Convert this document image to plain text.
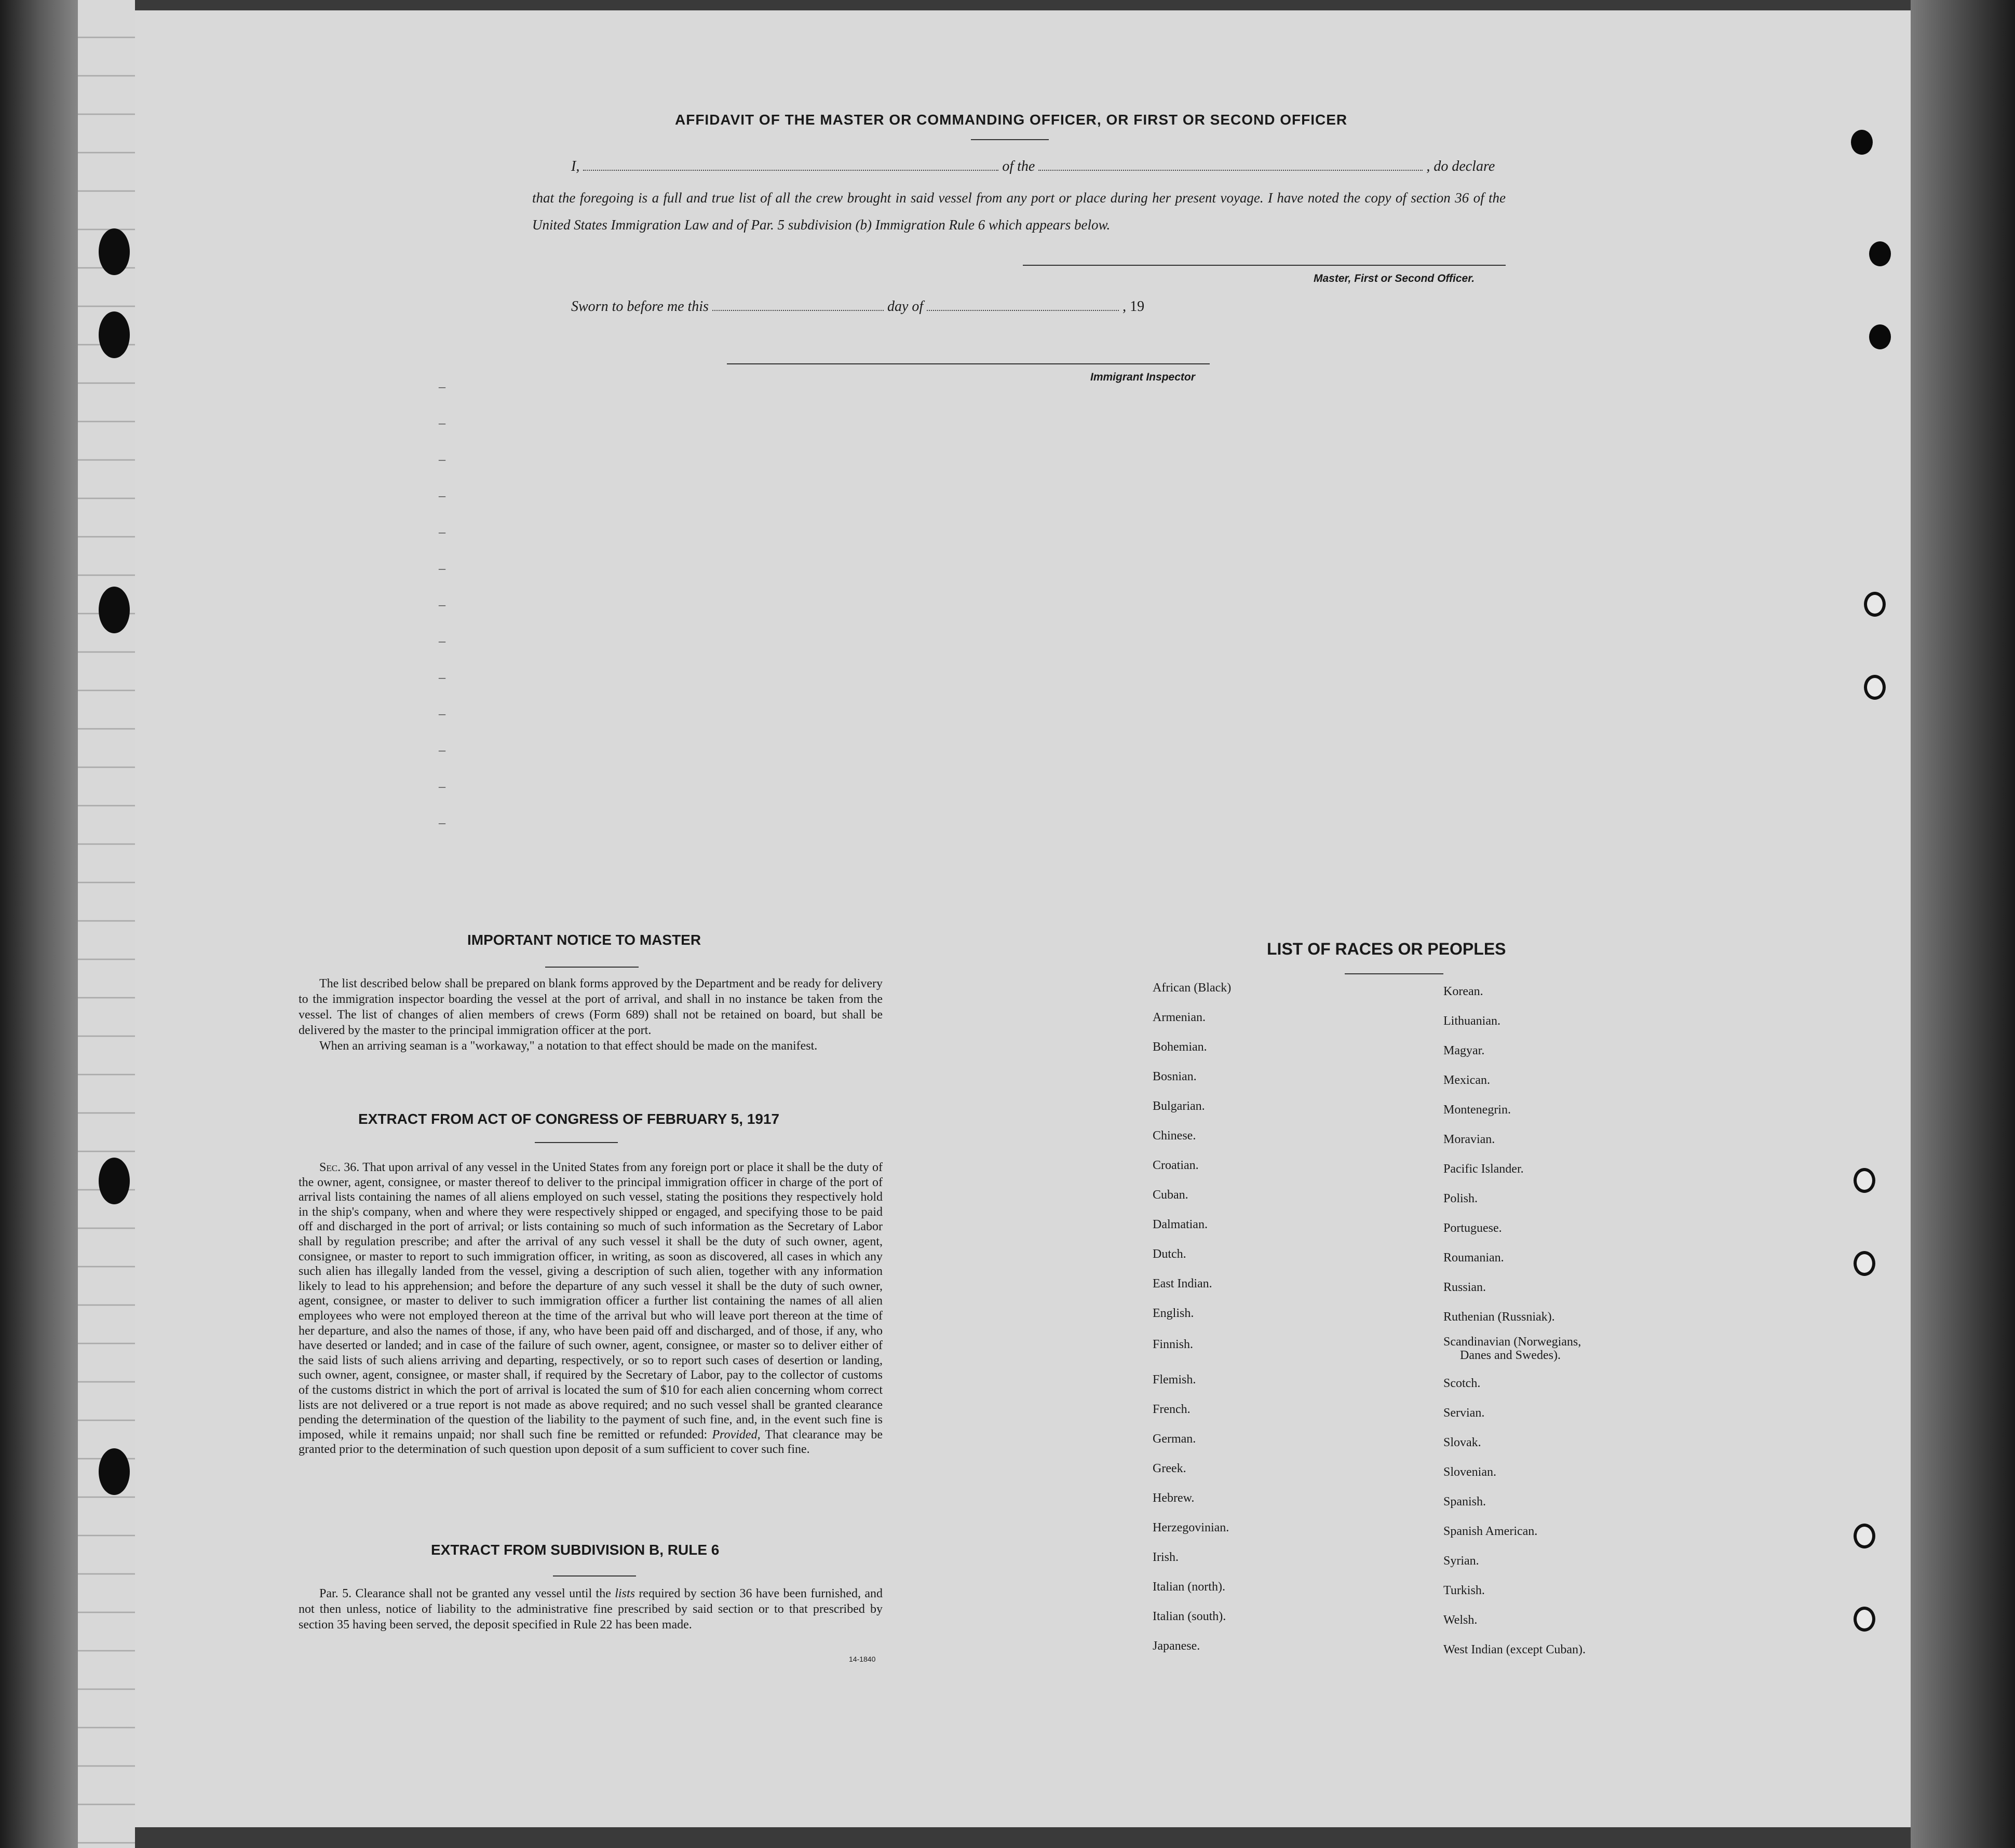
AFFIDAVIT OF THE MASTER OR COMMANDING OFFICER, OR FIRST OR SECOND OFFICER
I,	of the	, do declare
that the foregoing is a full and true list of all the crew brought in said vessel from any port or place during her present voyage. I have noted the copy of section 36 of the United States Immigration Law and of Par. 5 subdivision (b) Immigration Rule 6 which appears below.
Master, First or Second Officer.
Sworn to before me this	day of	, 19
Immigrant Inspector
–
–
–
–
–
–
–
–
–
–
–
–
–
IMPORTANT NOTICE TO MASTER

The list described below shall be prepared on blank forms approved by the Department and be ready for delivery to the immigration inspector boarding the vessel at the port of arrival, and shall in no instance be taken from the vessel. The list of changes of alien members of crews (Form 689) shall not be retained on board, but shall be delivered by the master to the principal immigration officer at the port.

When an arriving seaman is a "workaway," a notation to that effect should be made on the manifest.

EXTRACT FROM ACT OF CONGRESS OF FEBRUARY 5, 1917

Sec. 36. That upon arrival of any vessel in the United States from any foreign port or place it shall be the duty of the owner, agent, consignee, or master thereof to deliver to the principal immigration officer in charge of the port of arrival lists containing the names of all aliens employed on such vessel, stating the positions they respectively hold in the ship's company, when and where they were respectively shipped or engaged, and specifying those to be paid off and discharged in the port of arrival; or lists containing so much of such information as the Secretary of Labor shall by regulation prescribe; and after the arrival of any such vessel it shall be the duty of such owner, agent, consignee, or master to report to such immigration officer, in writing, as soon as discovered, all cases in which any such alien has illegally landed from the vessel, giving a description of such alien, together with any information likely to lead to his apprehension; and before the departure of any such vessel it shall be the duty of such owner, agent, consignee, or master to deliver to such immigration officer a further list containing the names of all alien employees who were not employed thereon at the time of the arrival but who will leave port thereon at the time of her departure, and also the names of those, if any, who have been paid off and discharged, and of those, if any, who have deserted or landed; and in case of the failure of such owner, agent, consignee, or master so to deliver either of the said lists of such aliens arriving and departing, respectively, or so to report such cases of desertion or landing, such owner, agent, consignee, or master shall, if required by the Secretary of Labor, pay to the collector of customs of the customs district in which the port of arrival is located the sum of $10 for each alien concerning whom correct lists are not delivered or a true report is not made as above required; and no such vessel shall be granted clearance pending the determination of the question of the liability to the payment of such fine, and, in the event such fine is imposed, while it remains unpaid; nor shall such fine be remitted or refunded: Provided, That clearance may be granted prior to the determination of such question upon deposit of a sum sufficient to cover such fine.

EXTRACT FROM SUBDIVISION B, RULE 6

Par. 5. Clearance shall not be granted any vessel until the lists required by section 36 have been furnished, and not then unless, notice of liability to the administrative fine prescribed by said section or to that prescribed by section 35 having been served, the deposit specified in Rule 22 has been made.

14-1840
LIST OF RACES OR PEOPLES
African (Black)
Armenian.
Bohemian.
Bosnian.
Bulgarian.
Chinese.
Croatian.
Cuban.
Dalmatian.
Dutch.
East Indian.
English.
Finnish.
Flemish.
French.
German.
Greek.
Hebrew.
Herzegovinian.
Irish.
Italian (north).
Italian (south).
Japanese.
Korean.
Lithuanian.
Magyar.
Mexican.
Montenegrin.
Moravian.
Pacific Islander.
Polish.
Portuguese.
Roumanian.
Russian.
Ruthenian (Russniak).
Scandinavian (Norwegians,
Danes and Swedes).
Scotch.
Servian.
Slovak.
Slovenian.
Spanish.
Spanish American.
Syrian.
Turkish.
Welsh.
West Indian (except Cuban).
